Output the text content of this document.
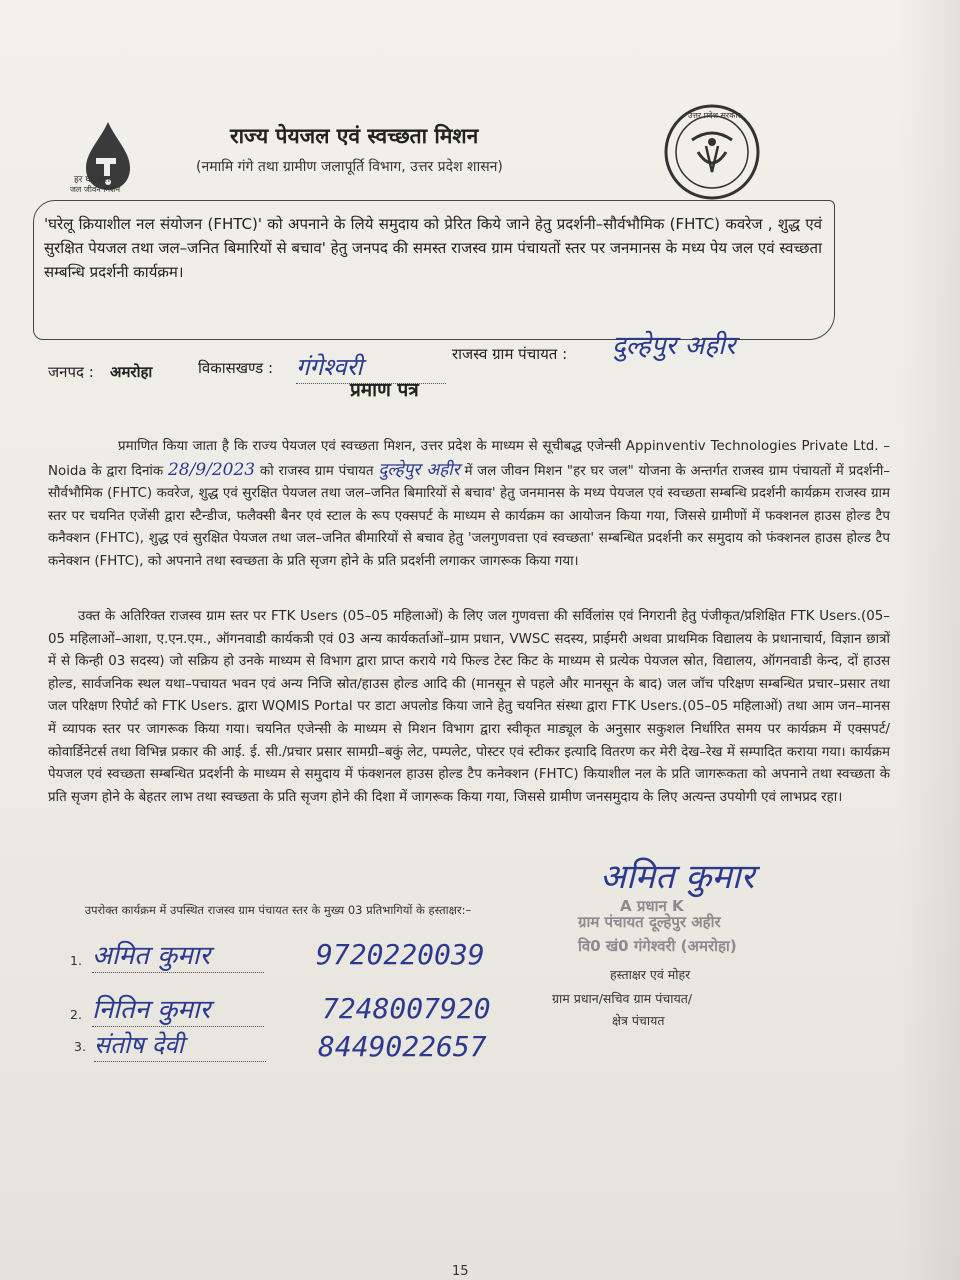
हर घर जल
जल जीवन मिशन
राज्य पेयजल एवं स्वच्छता मिशन
(नमामि गंगे तथा ग्रामीण जलापूर्ति विभाग, उत्तर प्रदेश शासन)
उत्तर प्रदेश सरकार
'घरेलू क्रियाशील नल संयोजन (FHTC)' को अपनाने के लिये समुदाय को प्रेरित किये जाने हेतु प्रदर्शनी–सौर्वभौमिक (FHTC) कवरेज , शुद्ध एवं सुरक्षित पेयजल तथा जल–जनित बिमारियों से बचाव' हेतु जनपद की समस्त राजस्व ग्राम पंचायतों स्तर पर जनमानस के मध्य पेय जल एवं स्वच्छता सम्बन्धि प्रदर्शनी कार्यक्रम।
जनपद : अमरोहा	विकासखण्ड : गंगेश्वरी	राजस्व ग्राम पंचायत : दुल्हेपुर अहीर
प्रमाण पत्र
प्रमाणित किया जाता है कि राज्य पेयजल एवं स्वच्छता मिशन, उत्तर प्रदेश के माध्यम से सूचीबद्ध एजेन्सी Appinventiv Technologies Private Ltd. – Noida के द्वारा दिनांक 28/9/2023 को राजस्व ग्राम पंचायत दुल्हेपुर अहीर में जल जीवन मिशन "हर घर जल" योजना के अन्तर्गत राजस्व ग्राम पंचायतों में प्रदर्शनी–सौर्वभौमिक (FHTC) कवरेज, शुद्ध एवं सुरक्षित पेयजल तथा जल–जनित बिमारियों से बचाव' हेतु जनमानस के मध्य पेयजल एवं स्वच्छता सम्बन्धि प्रदर्शनी कार्यक्रम राजस्व ग्राम स्तर पर चयनित एजेंसी द्वारा स्टैन्डीज, फलैक्सी बैनर एवं स्टाल के रूप एक्सपर्ट के माध्यम से कार्यक्रम का आयोजन किया गया, जिससे ग्रामीणों में फक्शनल हाउस होल्ड टैप कनैक्शन (FHTC), शुद्ध एवं सुरक्षित पेयजल तथा जल–जनित बीमारियों से बचाव हेतु 'जलगुणवत्ता एवं स्वच्छता' सम्बन्धित प्रदर्शनी कर समुदाय को फंक्शनल हाउस होल्ड टैप कनेक्शन (FHTC), को अपनाने तथा स्वच्छता के प्रति सृजग होने के प्रति प्रदर्शनी लगाकर जागरूक किया गया।
उक्त के अतिरिक्त राजस्व ग्राम स्तर पर FTK Users (05–05 महिलाओं) के लिए जल गुणवत्ता की सर्विलांस एवं निगरानी हेतु पंजीकृत/प्रशिक्षित FTK Users.(05–05 महिलाओं–आशा, ए.एन.एम., ऑगनवाडी कार्यकत्री एवं 03 अन्य कार्यकर्ताओं–ग्राम प्रधान, VWSC सदस्य, प्राईमरी अथवा प्राथमिक विद्यालय के प्रधानाचार्य, विज्ञान छात्रों में से किन्ही 03 सदस्य) जो सक्रिय हो उनके माध्यम से विभाग द्वारा प्राप्त कराये गये फिल्ड टेस्ट किट के माध्यम से प्रत्येक पेयजल स्रोत, विद्यालय, ऑगनवाडी केन्द, दों हाउस होल्ड, सार्वजनिक स्थल यथा–पचायत भवन एवं अन्य निजि स्रोत/हाउस होल्ड आदि की (मानसून से पहले और मानसून के बाद) जल जॉच परिक्षण सम्बन्धित प्रचार–प्रसार तथा जल परिक्षण रिपोर्ट को FTK Users. द्वारा WQMIS Portal पर डाटा अपलोड किया जाने हेतु चयनित संस्था द्वारा FTK Users.(05–05 महिलाओं) तथा आम जन–मानस में व्यापक स्तर पर जागरूक किया गया। चयनित एजेन्सी के माध्यम से मिशन विभाग द्वारा स्वीकृत माड्यूल के अनुसार सकुशल निर्धारित समय पर कार्यक्रम में एक्सपर्ट/कोवार्डिनेटर्स तथा विभिन्न प्रकार की आई. ई. सी./प्रचार प्रसार सामग्री–बकुं लेट, पम्पलेट, पोस्टर एवं स्टीकर इत्यादि वितरण कर मेरी देख–रेख में सम्पादित कराया गया। कार्यक्रम पेयजल एवं स्वच्छता सम्बन्धित प्रदर्शनी के माध्यम से समुदाय में फंक्शनल हाउस होल्ड टैप कनेक्शन (FHTC) कियाशील नल के प्रति जागरूकता को अपनाने तथा स्वच्छता के प्रति सृजग होने के बेहतर लाभ तथा स्वच्छता के प्रति सृजग होने की दिशा में जागरूक किया गया, जिससे ग्रामीण जनसमुदाय के लिए अत्यन्त उपयोगी एवं लाभप्रद रहा।
अमित कुमार
A प्रधान K
ग्राम पंचायत दूल्हेपुर अहीर
वि0 खं0 गंगेश्वरी (अमरोहा)
हस्ताक्षर एवं मोहर
ग्राम प्रधान/सचिव ग्राम पंचायत/
क्षेत्र पंचायत
उपरोक्त कार्यक्रम में उपस्थित राजस्व ग्राम पंचायत स्तर के मुख्य 03 प्रतिभागियों के हस्ताक्षर:–
1. अमित कुमार	9720220039
2. नितिन कुमार	7248007920
3. संतोष देवी	8449022657
15
